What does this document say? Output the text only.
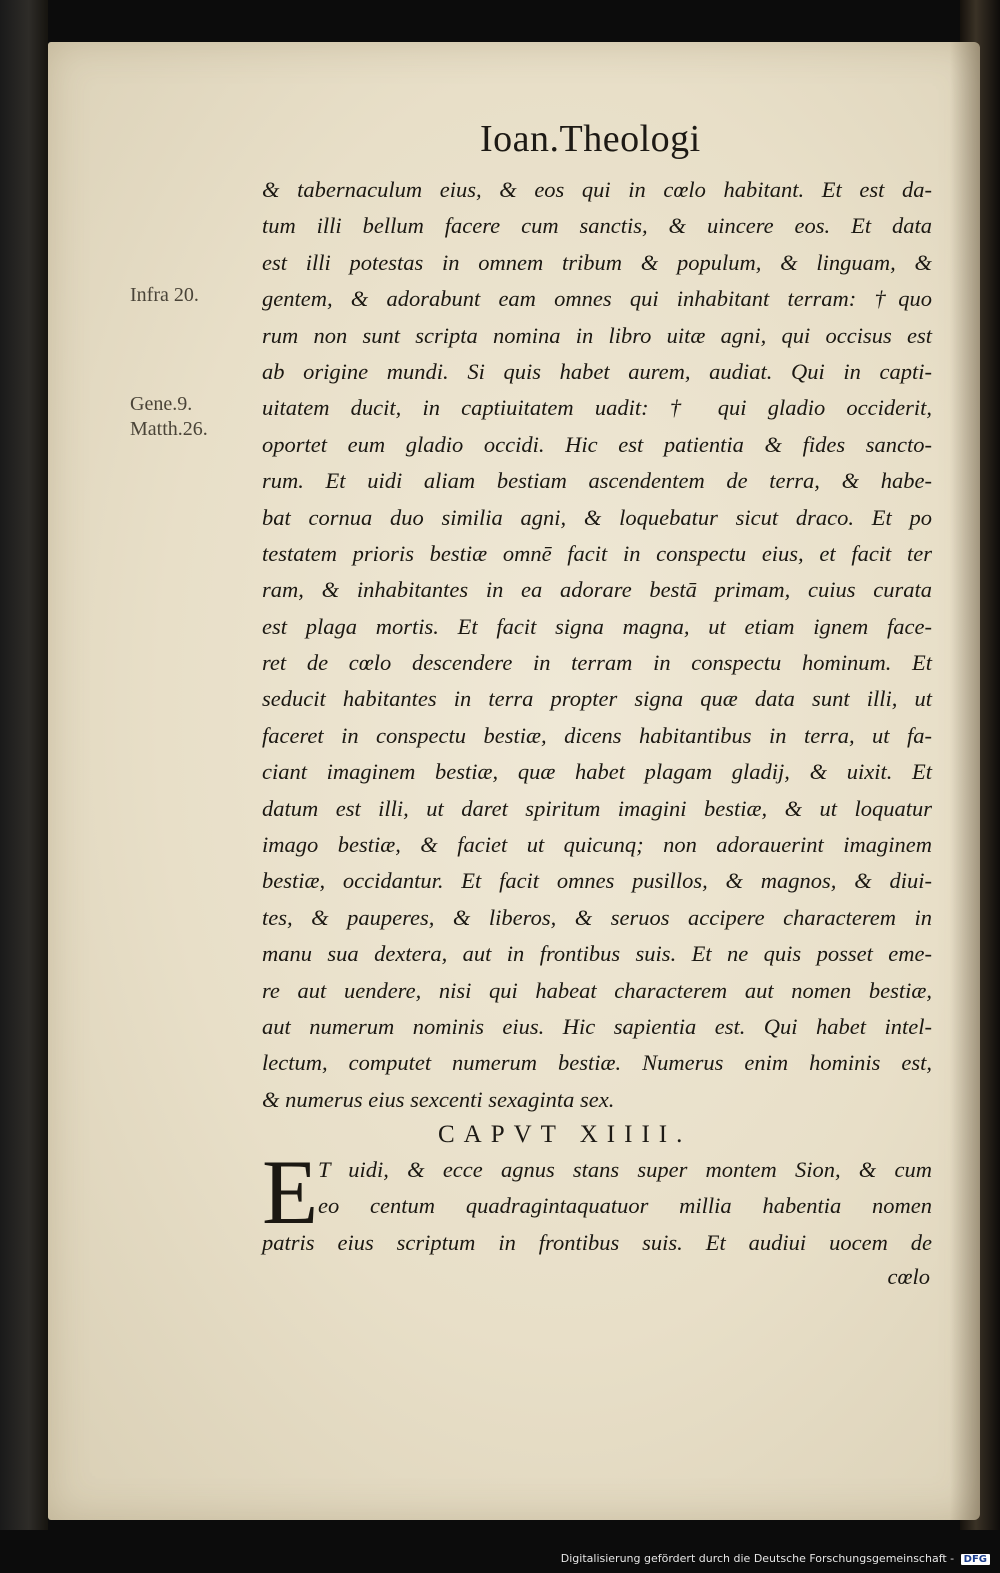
Ioan.Theologi
Infra 20.
Gene.9.
Matth.26.
& tabernaculum eius, & eos qui in cœlo habitant. Et est da-
tum illi bellum facere cum sanctis, & uincere eos. Et data
est illi potestas in omnem tribum & populum, & linguam, &
gentem, & adorabunt eam omnes qui inhabitant terram: †quo
rum non sunt scripta nomina in libro uitæ agni, qui occisus est
ab origine mundi. Si quis habet aurem, audiat. Qui in capti-
uitatem ducit, in captiuitatem uadit: † qui gladio occiderit,
oportet eum gladio occidi. Hic est patientia & fides sancto-
rum. Et uidi aliam bestiam ascendentem de terra, & habe-
bat cornua duo similia agni, & loquebatur sicut draco. Et po
testatem prioris bestiæ omnē facit in conspectu eius, et facit ter
ram, & inhabitantes in ea adorare bestā primam, cuius curata
est plaga mortis. Et facit signa magna, ut etiam ignem face-
ret de cœlo descendere in terram in conspectu hominum. Et
seducit habitantes in terra propter signa quæ data sunt illi, ut
faceret in conspectu bestiæ, dicens habitantibus in terra, ut fa-
ciant imaginem bestiæ, quæ habet plagam gladij, & uixit. Et
datum est illi, ut daret spiritum imagini bestiæ, & ut loquatur
imago bestiæ, & faciet ut quicunq; non adorauerint imaginem
bestiæ, occidantur. Et facit omnes pusillos, & magnos, & diui-
tes, & pauperes, & liberos, & seruos accipere characterem in
manu sua dextera, aut in frontibus suis. Et ne quis posset eme-
re aut uendere, nisi qui habeat characterem aut nomen bestiæ,
aut numerum nominis eius. Hic sapientia est. Qui habet intel-
lectum, computet numerum bestiæ. Numerus enim hominis est,
& numerus eius sexcenti sexaginta sex.
CAPVT XIIII.
E T uidi, & ecce agnus stans super montem Sion, & cum
eo centum quadragintaquatuor millia habentia nomen
patris eius scriptum in frontibus suis. Et audiui uocem de
cœlo
Digitalisierung gefördert durch die Deutsche Forschungsgemeinschaft - DFG
